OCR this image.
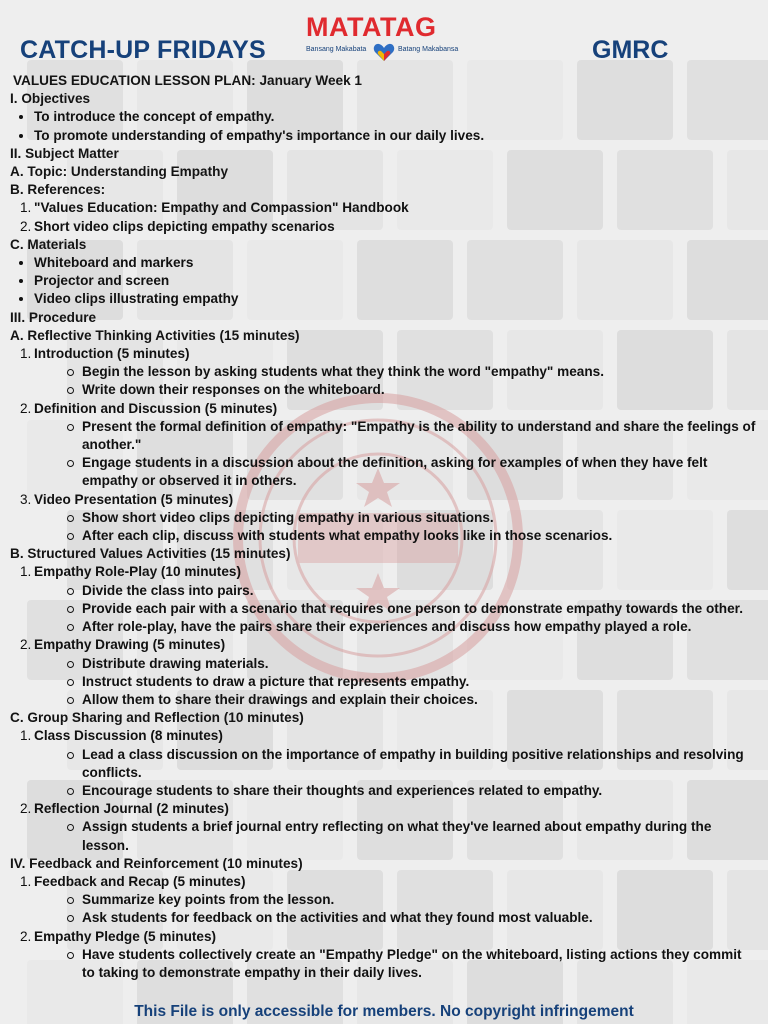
CATCH-UP FRIDAYS
MATATAG
Bansang Makabata	Batang Makabansa	GMRC
VALUES EDUCATION LESSON PLAN: January Week 1
I. Objectives
• To introduce the concept of empathy.
• To promote understanding of empathy's importance in our daily lives.
II. Subject Matter
A. Topic: Understanding Empathy
B. References:
1. "Values Education: Empathy and Compassion" Handbook
2. Short video clips depicting empathy scenarios
C. Materials
• Whiteboard and markers
• Projector and screen
• Video clips illustrating empathy
III. Procedure
A. Reflective Thinking Activities (15 minutes)
1. Introduction (5 minutes)
Begin the lesson by asking students what they think the word "empathy" means.
Write down their responses on the whiteboard.
2. Definition and Discussion (5 minutes)
Present the formal definition of empathy: "Empathy is the ability to understand and share the feelings of another."
Engage students in a discussion about the definition, asking for examples of when they have felt empathy or observed it in others.
3. Video Presentation (5 minutes)
Show short video clips depicting empathy in various situations.
After each clip, discuss with students what empathy looks like in those scenarios.
B. Structured Values Activities (15 minutes)
1. Empathy Role-Play (10 minutes)
Divide the class into pairs.
Provide each pair with a scenario that requires one person to demonstrate empathy towards the other.
After role-play, have the pairs share their experiences and discuss how empathy played a role.
2. Empathy Drawing (5 minutes)
Distribute drawing materials.
Instruct students to draw a picture that represents empathy.
Allow them to share their drawings and explain their choices.
C. Group Sharing and Reflection (10 minutes)
1. Class Discussion (8 minutes)
Lead a class discussion on the importance of empathy in building positive relationships and resolving conflicts.
Encourage students to share their thoughts and experiences related to empathy.
2. Reflection Journal (2 minutes)
Assign students a brief journal entry reflecting on what they've learned about empathy during the lesson.
IV. Feedback and Reinforcement (10 minutes)
1. Feedback and Recap (5 minutes)
Summarize key points from the lesson.
Ask students for feedback on the activities and what they found most valuable.
2. Empathy Pledge (5 minutes)
Have students collectively create an "Empathy Pledge" on the whiteboard, listing actions they commit to taking to demonstrate empathy in their daily lives.
This File is only accessible for members. No copyright infringement
